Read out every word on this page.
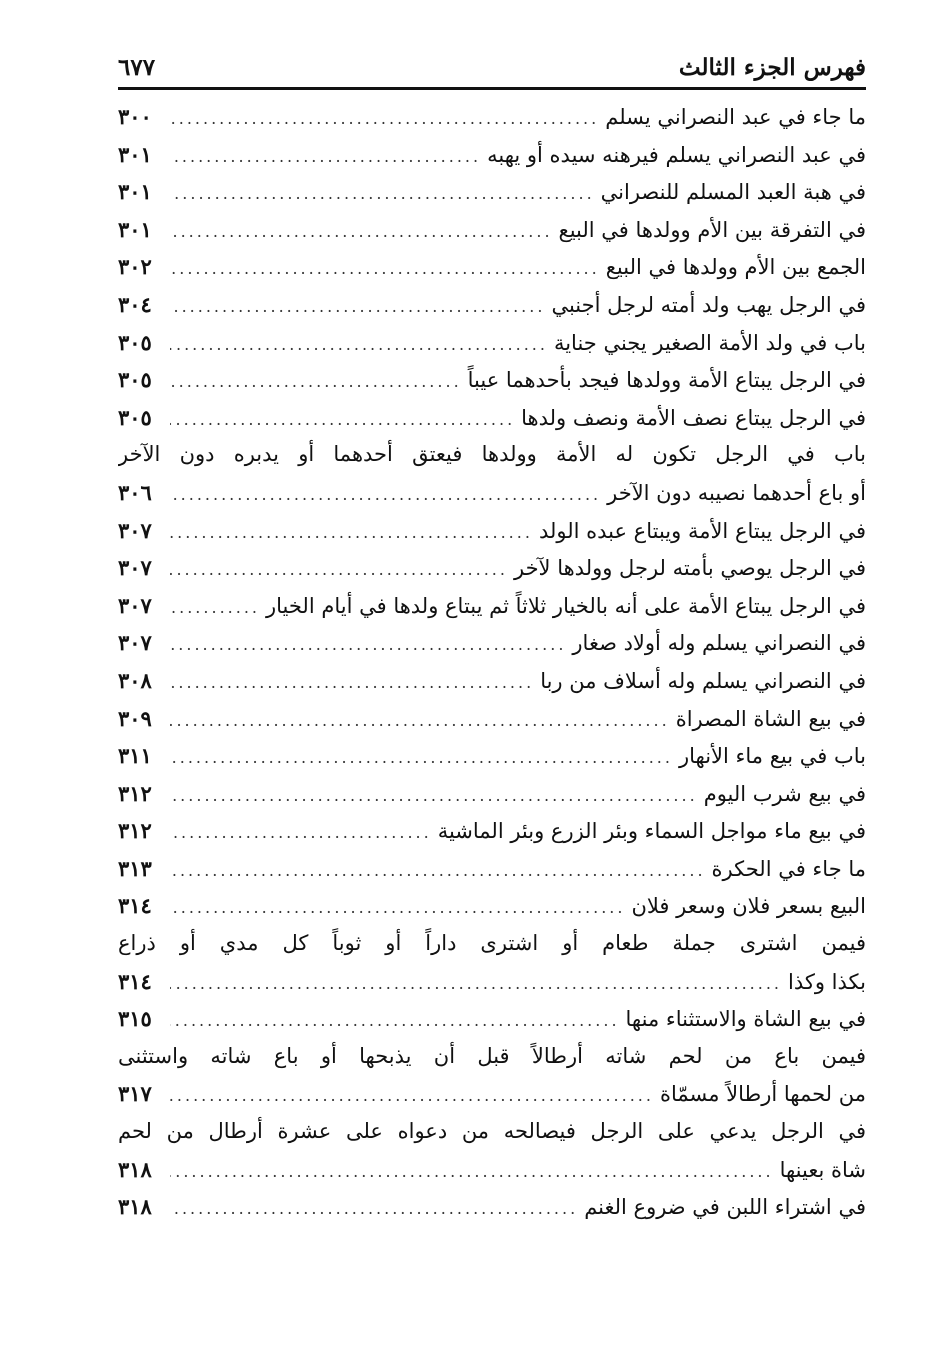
فهرس الجزء الثالث
٦٧٧
ما جاء في عبد النصراني يسلم
.....
٣٠٠
في عبد النصراني يسلم فيرهنه سيده أو يهبه
.....
٣٠١
في هبة العبد المسلم للنصراني
.....
٣٠١
في التفرقة بين الأم وولدها في البيع
.....
٣٠١
الجمع بين الأم وولدها في البيع
.....
٣٠٢
في الرجل يهب ولد أمته لرجل أجنبي
.....
٣٠٤
باب في ولد الأمة الصغير يجني جناية
.....
٣٠٥
في الرجل يبتاع الأمة وولدها فيجد بأحدهما عيباً
.....
٣٠٥
في الرجل يبتاع نصف الأمة ونصف ولدها
.....
٣٠٥
باب في الرجل تكون له الأمة وولدها فيعتق أحدهما أو يدبره دون الآخر
أو باع أحدهما نصيبه دون الآخر
.....
٣٠٦
في الرجل يبتاع الأمة ويبتاع عبده الولد
.....
٣٠٧
في الرجل يوصي بأمته لرجل وولدها لآخر
.....
٣٠٧
في الرجل يبتاع الأمة على أنه بالخيار ثلاثاً ثم يبتاع ولدها في أيام الخيار
.....
٣٠٧
في النصراني يسلم وله أولاد صغار
.....
٣٠٧
في النصراني يسلم وله أسلاف من ربا
.....
٣٠٨
في بيع الشاة المصراة
.....
٣٠٩
باب في بيع ماء الأنهار
.....
٣١١
في بيع شرب اليوم
.....
٣١٢
في بيع ماء مواجل السماء وبئر الزرع وبئر الماشية
.....
٣١٢
ما جاء في الحكرة
.....
٣١٣
البيع بسعر فلان وسعر فلان
.....
٣١٤
فيمن اشترى جملة طعام أو اشترى داراً أو ثوباً كل مدي أو ذراع
بكذا وكذا
.....
٣١٤
في بيع الشاة والاستثناء منها
.....
٣١٥
فيمن باع من لحم شاته أرطالاً قبل أن يذبحها أو باع شاته واستثنى
من لحمها أرطالاً مسمّاة
.....
٣١٧
في الرجل يدعي على الرجل فيصالحه من دعواه على عشرة أرطال من لحم
شاة بعينها
.....
٣١٨
في اشتراء اللبن في ضروع الغنم
.....
٣١٨
